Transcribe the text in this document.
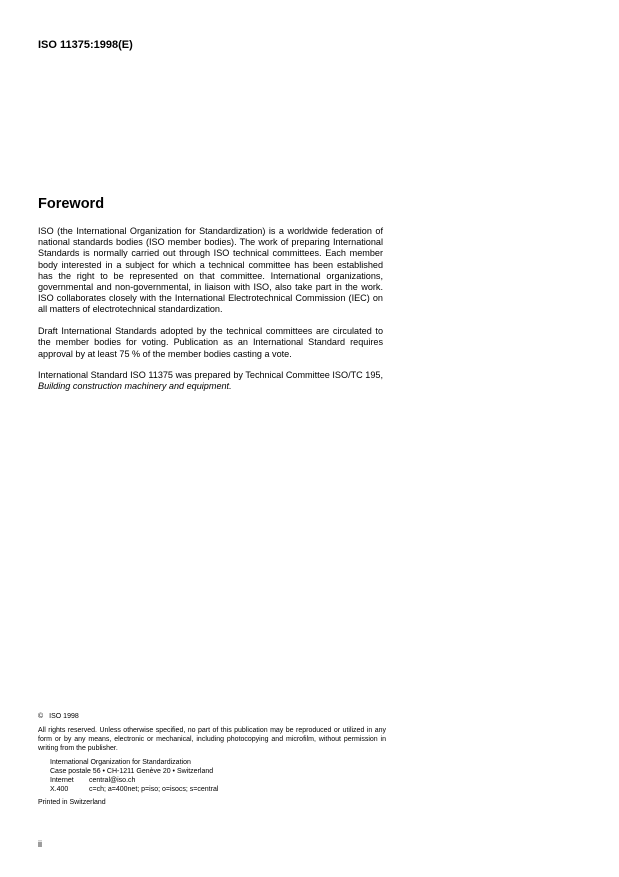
ISO 11375:1998(E)
Foreword

ISO (the International Organization for Standardization) is a worldwide federation of national standards bodies (ISO member bodies). The work of preparing International Standards is normally carried out through ISO technical committees. Each member body interested in a subject for which a technical committee has been established has the right to be represented on that committee. International organizations, governmental and non-governmental, in liaison with ISO, also take part in the work. ISO collaborates closely with the International Electrotechnical Commission (IEC) on all matters of electrotechnical standardization.

Draft International Standards adopted by the technical committees are circulated to the member bodies for voting. Publication as an International Standard requires approval by at least 75 % of the member bodies casting a vote.

International Standard ISO 11375 was prepared by Technical Committee ISO/TC 195, Building construction machinery and equipment.

© ISO 1998
All rights reserved. Unless otherwise specified, no part of this publication may be reproduced or utilized in any form or by any means, electronic or mechanical, including photocopying and microfilm, without permission in writing from the publisher.
International Organization for Standardization
Case postale 56 • CH-1211 Genève 20 • Switzerland
Internet	central@iso.ch
X.400	c=ch; a=400net; p=iso; o=isocs; s=central
Printed in Switzerland
ii
